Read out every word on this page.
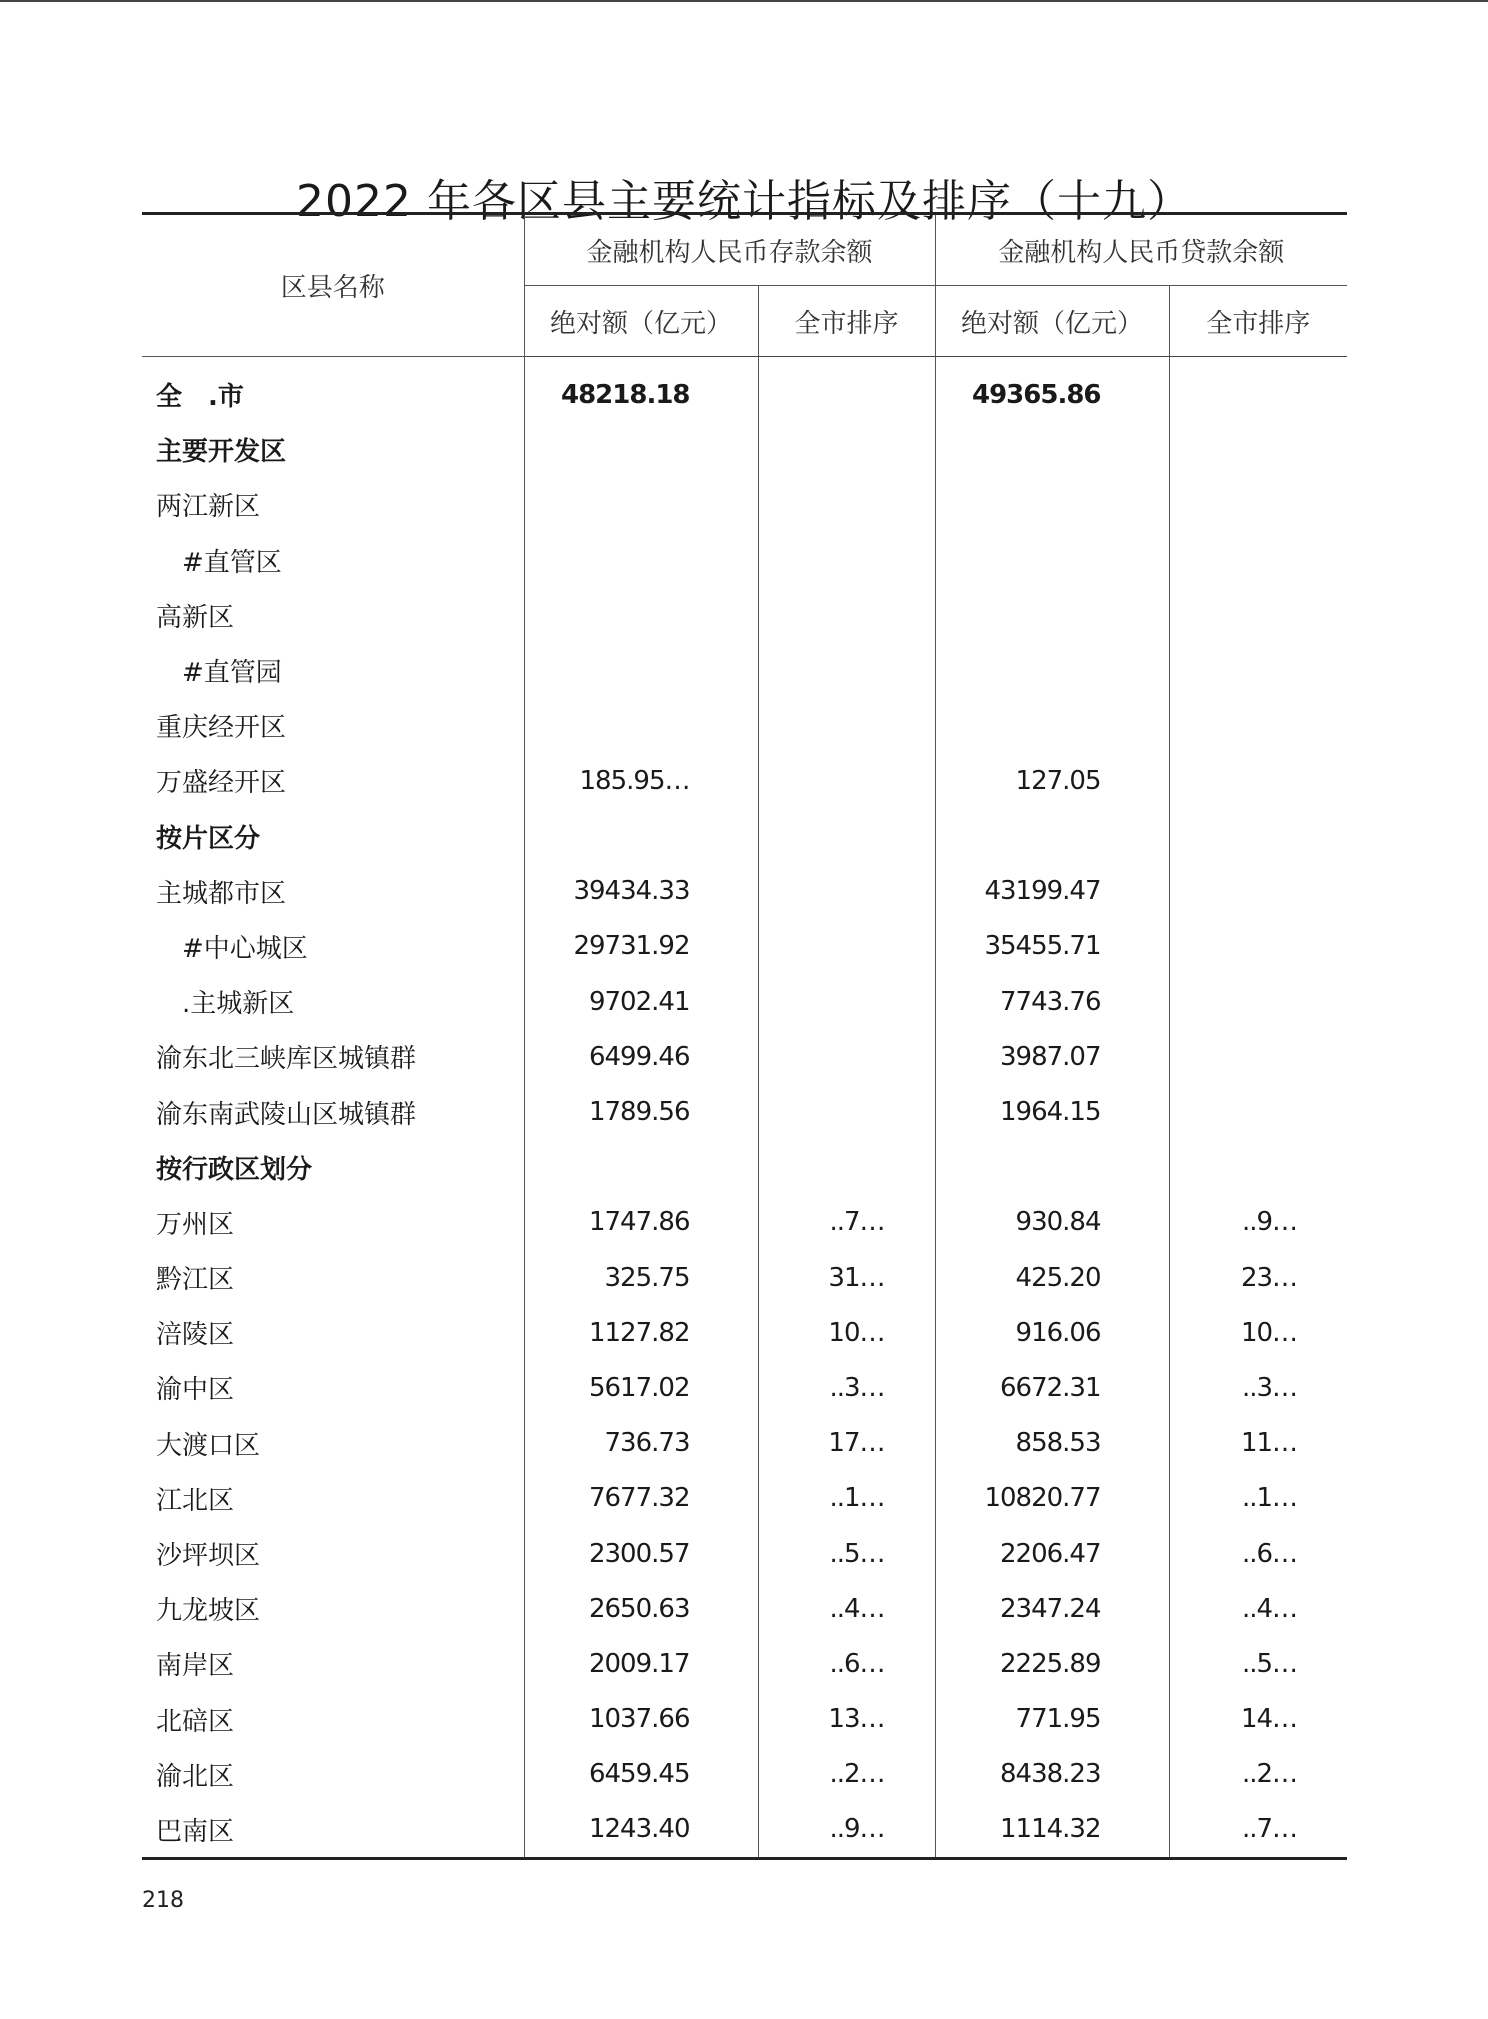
2022 年各区县主要统计指标及排序（十九）
区县名称	金融机构人民币存款余额		金融机构人民币贷款余额	
	绝对额（亿元）	全市排序	绝对额（亿元）	全市排序
全　.市	48218.18		49365.86	
主要开发区				
两江新区				
　#直管区				
高新区				
　#直管园				
重庆经开区				
万盛经开区	185.95…		127.05	
按片区分				
主城都市区	39434.33		43199.47	
　#中心城区	29731.92		35455.71	
　.主城新区	9702.41		7743.76	
渝东北三峡库区城镇群	6499.46		3987.07	
渝东南武陵山区城镇群	1789.56		1964.15	
按行政区划分				
万州区	1747.86	..7…	930.84	..9…
黔江区	325.75	31…	425.20	23…
涪陵区	1127.82	10…	916.06	10…
渝中区	5617.02	..3…	6672.31	..3…
大渡口区	736.73	17…	858.53	11…
江北区	7677.32	..1…	10820.77	..1…
沙坪坝区	2300.57	..5…	2206.47	..6…
九龙坡区	2650.63	..4…	2347.24	..4…
南岸区	2009.17	..6…	2225.89	..5…
北碚区	1037.66	13…	771.95	14…
渝北区	6459.45	..2…	8438.23	..2…
巴南区	1243.40	..9…	1114.32	..7…
218
